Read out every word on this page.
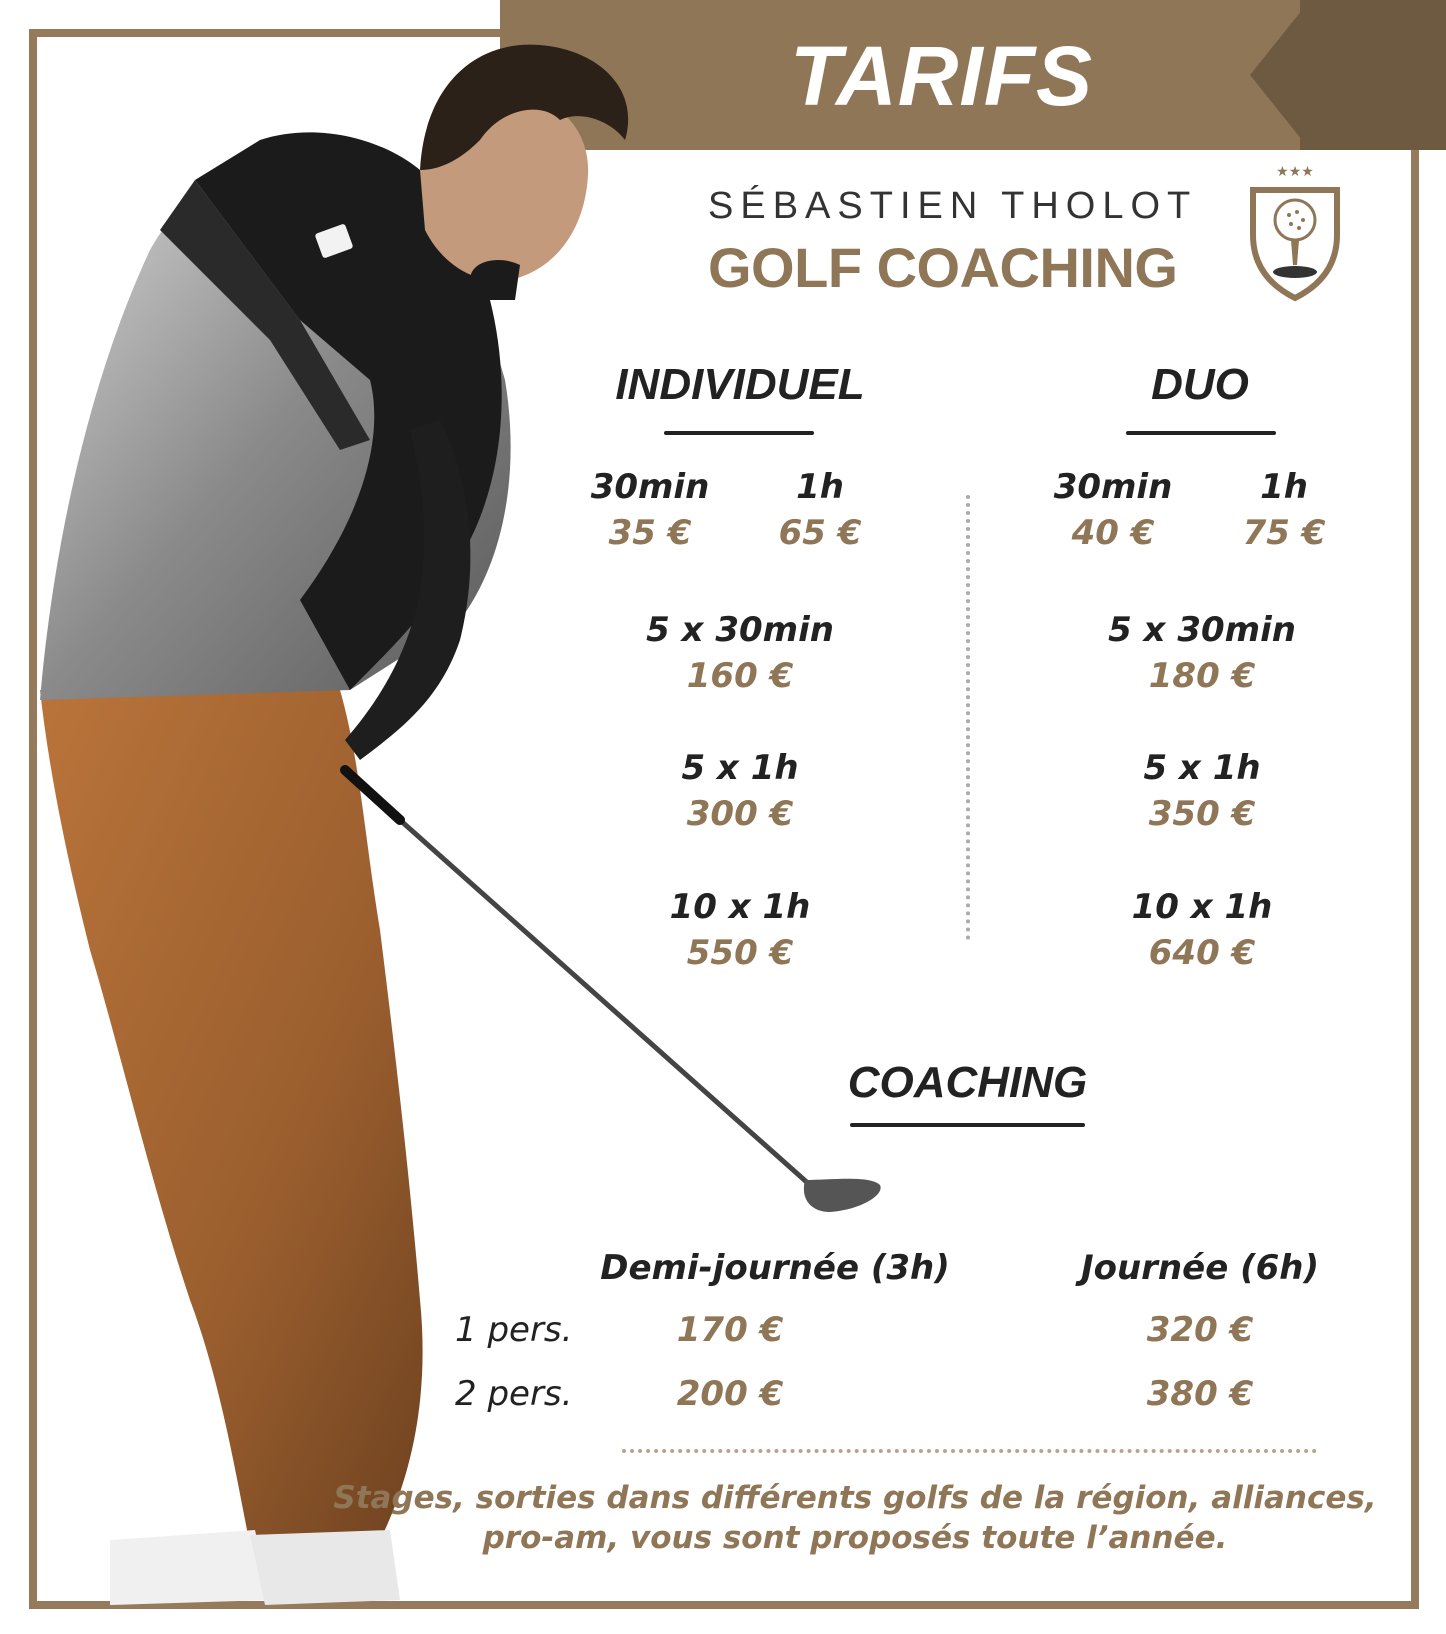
TARIFS
SÉBASTIEN THOLOT
GOLF COACHING
★★★
INDIVIDUEL
30min
35 €
1h
65 €
5 x 30min
160 €
5 x 1h
300 €
10 x 1h
550 €
DUO
30min
40 €
1h
75 €
5 x 30min
180 €
5 x 1h
350 €
10 x 1h
640 €
COACHING
Demi-journée (3h)	Journée (6h)
1 pers.	170 €	320 €
2 pers.	200 €	380 €
Stages, sorties dans différents golfs de la région, alliances, pro-am, vous sont proposés toute l’année.
